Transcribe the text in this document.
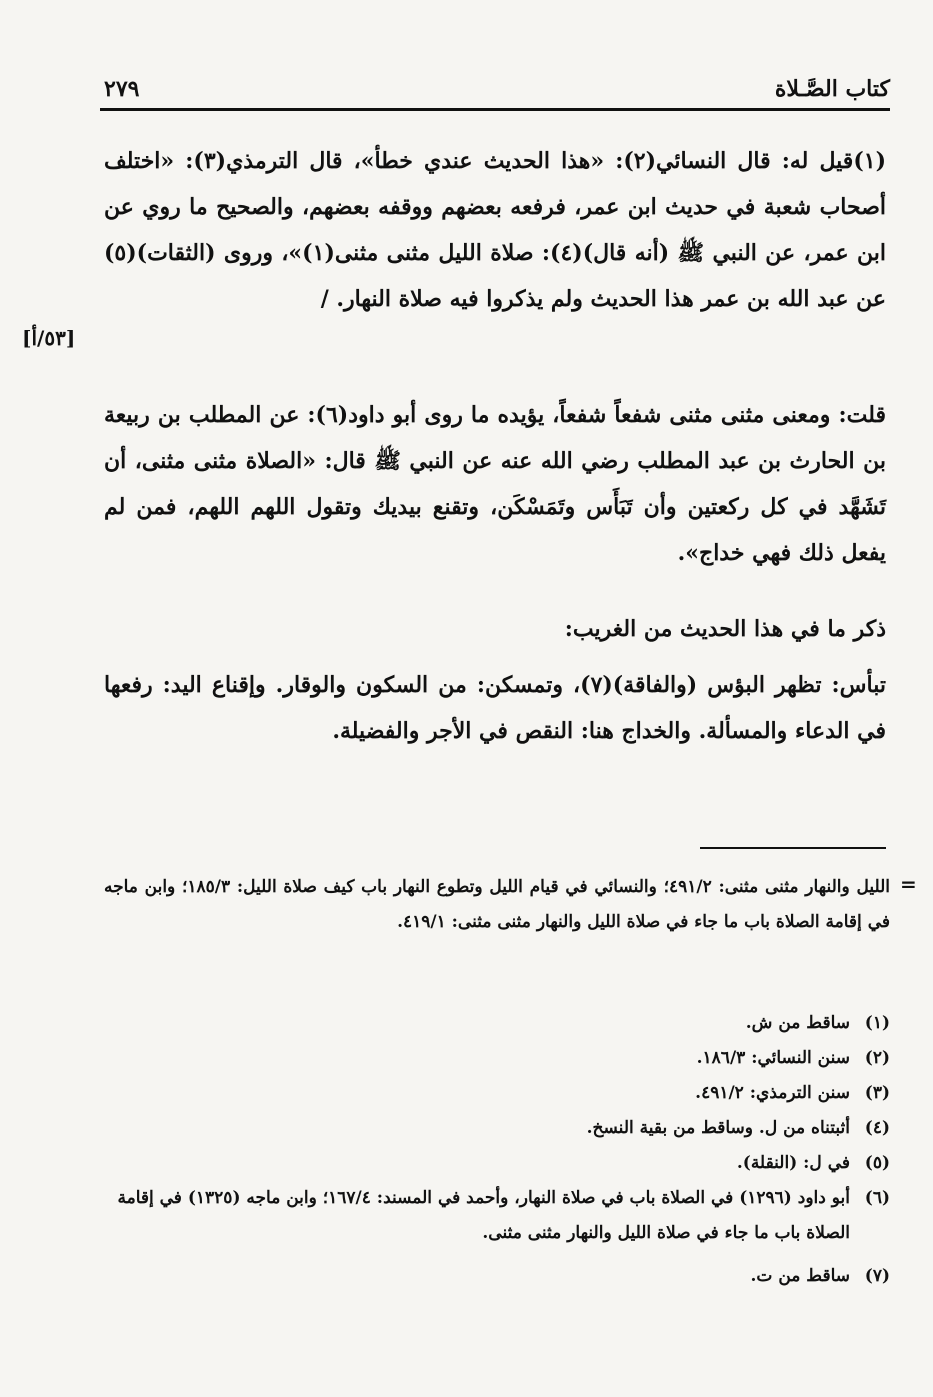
كتاب الصَّـلاة
٢٧٩
[٥٣/أ]
(١)قيل له: قال النسائي(٢): «هذا الحديث عندي خطأ»، قال الترمذي(٣): «اختلف أصحاب شعبة في حديث ابن عمر، فرفعه بعضهم ووقفه بعضهم، والصحيح ما روي عن ابن عمر، عن النبي ﷺ (أنه قال)(٤): صلاة الليل مثنى مثنى(١)»، وروى (الثقات)(٥) عن عبد الله بن عمر هذا الحديث ولم يذكروا فيه صلاة النهار. /
قلت: ومعنى مثنى مثنى شفعاً شفعاً، يؤيده ما روى أبو داود(٦): عن المطلب بن ربيعة بن الحارث بن عبد المطلب رضي الله عنه عن النبي ﷺ قال: «الصلاة مثنى مثنى، أن تَشَهَّد في كل ركعتين وأن تَبَأَس وتَمَسْكَن، وتقنع بيديك وتقول اللهم اللهم، فمن لم يفعل ذلك فهي خداج».
ذكر ما في هذا الحديث من الغريب:
تبأس: تظهر البؤس (والفاقة)(٧)، وتمسكن: من السكون والوقار. وإقناع اليد: رفعها في الدعاء والمسألة. والخداج هنا: النقص في الأجر والفضيلة.
=
الليل والنهار مثنى مثنى: ٤٩١/٢؛ والنسائي في قيام الليل وتطوع النهار باب كيف صلاة الليل: ١٨٥/٣؛ وابن ماجه في إقامة الصلاة باب ما جاء في صلاة الليل والنهار مثنى مثنى: ٤١٩/١.
(١)
ساقط من ش.
(٢)
سنن النسائي: ١٨٦/٣.
(٣)
سنن الترمذي: ٤٩١/٢.
(٤)
أثبتناه من ل. وساقط من بقية النسخ.
(٥)
في ل: (النقلة).
(٦)
أبو داود (١٢٩٦) في الصلاة باب في صلاة النهار، وأحمد في المسند: ١٦٧/٤؛ وابن ماجه (١٣٢٥) في إقامة الصلاة باب ما جاء في صلاة الليل والنهار مثنى مثنى.
(٧)
ساقط من ت.
